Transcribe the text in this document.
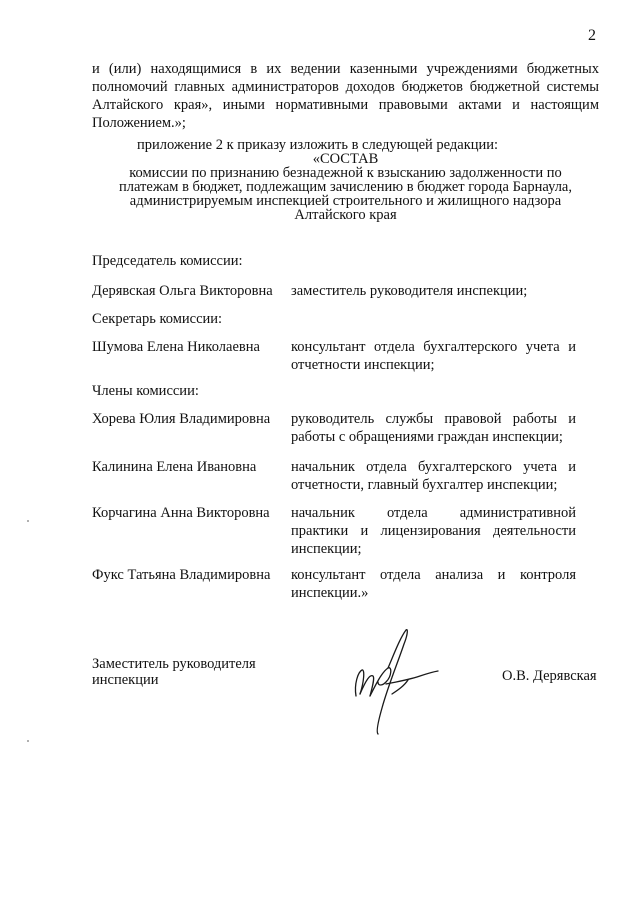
2
и (или) находящимися в их ведении казенными учреждениями бюджетных
полномочий главных администраторов доходов бюджетов бюджетной системы
Алтайского края», иными нормативными правовыми актами и настоящим
Положением.»;
приложение 2 к приказу изложить в следующей редакции:
«СОСТАВ
комиссии по признанию безнадежной к взысканию задолженности по
платежам в бюджет, подлежащим зачислению в бюджет города Барнаула,
администрируемым инспекцией строительного и жилищного надзора
Алтайского края
Председатель комиссии:
Дерявская Ольга Викторовна заместитель руководителя инспекции;
Секретарь комиссии:
Шумова Елена Николаевна консультант отдела бухгалтерского учета и
отчетности инспекции;
Члены комиссии:
Хорева Юлия Владимировна руководитель службы правовой работы и
работы с обращениями граждан инспекции;
Калинина Елена Ивановна начальник отдела бухгалтерского учета и
отчетности, главный бухгалтер инспекции;
Корчагина Анна Викторовна начальник отдела административной
практики и лицензирования деятельности
инспекции;
Фукс Татьяна Владимировна консультант отдела анализа и контроля
инспекции.»
Заместитель руководителя
инспекции	О.В. Дерявская
